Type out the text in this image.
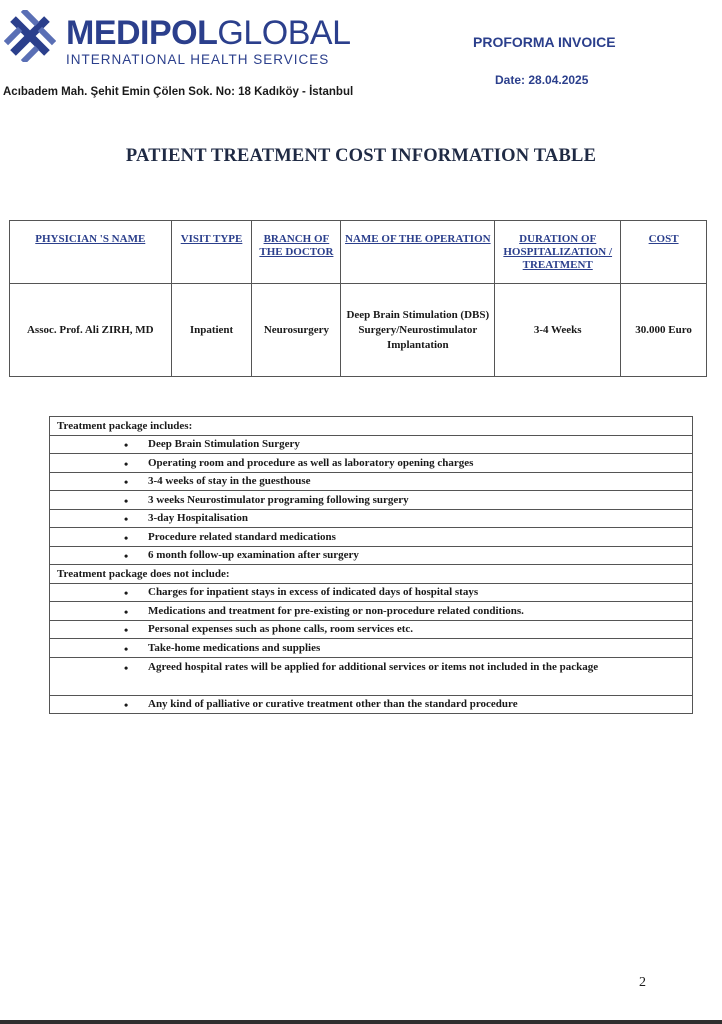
MEDIPOLGLOBAL
INTERNATIONAL HEALTH SERVICES
PROFORMA INVOICE
Date: 28.04.2025
Acıbadem Mah. Şehit Emin Çölen Sok. No: 18 Kadıköy - İstanbul
PATIENT TREATMENT COST INFORMATION TABLE
PHYSICIAN 'S NAME	VISIT TYPE	BRANCH OF THE DOCTOR	NAME OF THE OPERATION	DURATION OF HOSPITALIZATION / TREATMENT	COST
Assoc. Prof. Ali ZIRH, MD	Inpatient	Neurosurgery	Deep Brain Stimulation (DBS) Surgery/Neurostimulator Implantation	3-4 Weeks	30.000 Euro
Treatment package includes:

• Deep Brain Stimulation Surgery

• Operating room and procedure as well as laboratory opening charges

• 3-4 weeks of stay in the guesthouse

• 3 weeks Neurostimulator programing following surgery

• 3-day Hospitalisation

• Procedure related standard medications

• 6 month follow-up examination after surgery
Treatment package does not include:

• Charges for inpatient stays in excess of indicated days of hospital stays

• Medications and treatment for pre-existing or non-procedure related conditions.

• Personal expenses such as phone calls, room services etc.

• Take-home medications and supplies

• Agreed hospital rates will be applied for additional services or items not included in the package

• Any kind of palliative or curative treatment other than the standard procedure
2
